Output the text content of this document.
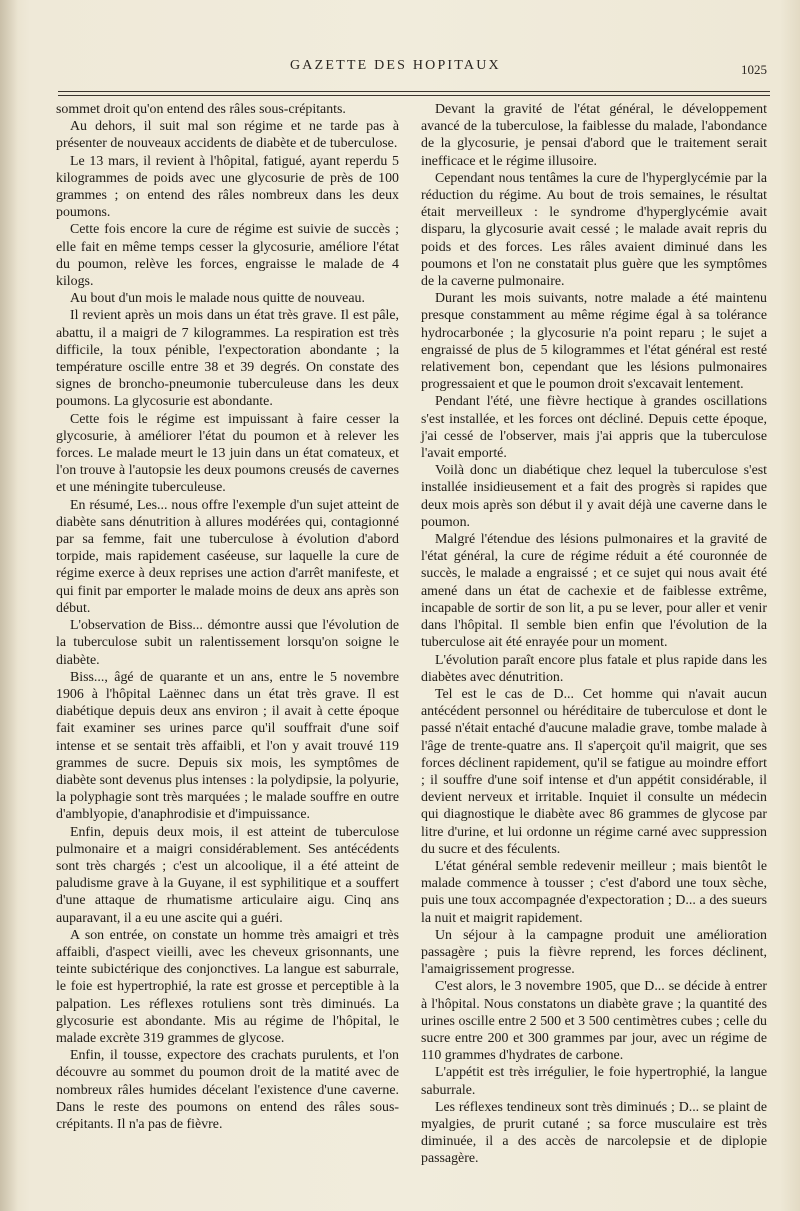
GAZETTE DES HOPITAUX	1025

sommet droit qu'on entend des râles sous-crépitants.

Au dehors, il suit mal son régime et ne tarde pas à présenter de nouveaux accidents de diabète et de tuberculose.

Le 13 mars, il revient à l'hôpital, fatigué, ayant reperdu 5 kilogrammes de poids avec une glycosurie de près de 100 grammes ; on entend des râles nombreux dans les deux poumons.

Cette fois encore la cure de régime est suivie de succès ; elle fait en même temps cesser la glycosurie, améliore l'état du poumon, relève les forces, engraisse le malade de 4 kilogs.

Au bout d'un mois le malade nous quitte de nouveau.

Il revient après un mois dans un état très grave. Il est pâle, abattu, il a maigri de 7 kilogrammes. La respiration est très difficile, la toux pénible, l'expectoration abondante ; la température oscille entre 38 et 39 degrés. On constate des signes de broncho-pneumonie tuberculeuse dans les deux poumons. La glycosurie est abondante.

Cette fois le régime est impuissant à faire cesser la glycosurie, à améliorer l'état du poumon et à relever les forces. Le malade meurt le 13 juin dans un état comateux, et l'on trouve à l'autopsie les deux poumons creusés de cavernes et une méningite tuberculeuse.

En résumé, Les... nous offre l'exemple d'un sujet atteint de diabète sans dénutrition à allures modérées qui, contagionné par sa femme, fait une tuberculose à évolution d'abord torpide, mais rapidement caséeuse, sur laquelle la cure de régime exerce à deux reprises une action d'arrêt manifeste, et qui finit par emporter le malade moins de deux ans après son début.

L'observation de Biss... démontre aussi que l'évolution de la tuberculose subit un ralentissement lorsqu'on soigne le diabète.

Biss..., âgé de quarante et un ans, entre le 5 novembre 1906 à l'hôpital Laënnec dans un état très grave. Il est diabétique depuis deux ans environ ; il avait à cette époque fait examiner ses urines parce qu'il souffrait d'une soif intense et se sentait très affaibli, et l'on y avait trouvé 119 grammes de sucre. Depuis six mois, les symptômes de diabète sont devenus plus intenses : la polydipsie, la polyurie, la polyphagie sont très marquées ; le malade souffre en outre d'amblyopie, d'anaphrodisie et d'impuissance.

Enfin, depuis deux mois, il est atteint de tuberculose pulmonaire et a maigri considérablement. Ses antécédents sont très chargés ; c'est un alcoolique, il a été atteint de paludisme grave à la Guyane, il est syphilitique et a souffert d'une attaque de rhumatisme articulaire aigu. Cinq ans auparavant, il a eu une ascite qui a guéri.

A son entrée, on constate un homme très amaigri et très affaibli, d'aspect vieilli, avec les cheveux grisonnants, une teinte subictérique des conjonctives. La langue est saburrale, le foie est hypertrophié, la rate est grosse et perceptible à la palpation. Les réflexes rotuliens sont très diminués. La glycosurie est abondante. Mis au régime de l'hôpital, le malade excrète 319 grammes de glycose.

Enfin, il tousse, expectore des crachats purulents, et l'on découvre au sommet du poumon droit de la matité avec de nombreux râles humides décelant l'existence d'une caverne. Dans le reste des poumons on entend des râles sous-crépitants. Il n'a pas de fièvre.

Devant la gravité de l'état général, le développement avancé de la tuberculose, la faiblesse du malade, l'abondance de la glycosurie, je pensai d'abord que le traitement serait inefficace et le régime illusoire.

Cependant nous tentâmes la cure de l'hyperglycémie par la réduction du régime. Au bout de trois semaines, le résultat était merveilleux : le syndrome d'hyperglycémie avait disparu, la glycosurie avait cessé ; le malade avait repris du poids et des forces. Les râles avaient diminué dans les poumons et l'on ne constatait plus guère que les symptômes de la caverne pulmonaire.

Durant les mois suivants, notre malade a été maintenu presque constamment au même régime égal à sa tolérance hydrocarbonée ; la glycosurie n'a point reparu ; le sujet a engraissé de plus de 5 kilogrammes et l'état général est resté relativement bon, cependant que les lésions pulmonaires progressaient et que le poumon droit s'excavait lentement.

Pendant l'été, une fièvre hectique à grandes oscillations s'est installée, et les forces ont décliné. Depuis cette époque, j'ai cessé de l'observer, mais j'ai appris que la tuberculose l'avait emporté.

Voilà donc un diabétique chez lequel la tuberculose s'est installée insidieusement et a fait des progrès si rapides que deux mois après son début il y avait déjà une caverne dans le poumon.

Malgré l'étendue des lésions pulmonaires et la gravité de l'état général, la cure de régime réduit a été couronnée de succès, le malade a engraissé ; et ce sujet qui nous avait été amené dans un état de cachexie et de faiblesse extrême, incapable de sortir de son lit, a pu se lever, pour aller et venir dans l'hôpital. Il semble bien enfin que l'évolution de la tuberculose ait été enrayée pour un moment.

L'évolution paraît encore plus fatale et plus rapide dans les diabètes avec dénutrition.

Tel est le cas de D... Cet homme qui n'avait aucun antécédent personnel ou héréditaire de tuberculose et dont le passé n'était entaché d'aucune maladie grave, tombe malade à l'âge de trente-quatre ans. Il s'aperçoit qu'il maigrit, que ses forces déclinent rapidement, qu'il se fatigue au moindre effort ; il souffre d'une soif intense et d'un appétit considérable, il devient nerveux et irritable. Inquiet il consulte un médecin qui diagnostique le diabète avec 86 grammes de glycose par litre d'urine, et lui ordonne un régime carné avec suppression du sucre et des féculents.

L'état général semble redevenir meilleur ; mais bientôt le malade commence à tousser ; c'est d'abord une toux sèche, puis une toux accompagnée d'expectoration ; D... a des sueurs la nuit et maigrit rapidement.

Un séjour à la campagne produit une amélioration passagère ; puis la fièvre reprend, les forces déclinent, l'amaigrissement progresse.

C'est alors, le 3 novembre 1905, que D... se décide à entrer à l'hôpital. Nous constatons un diabète grave ; la quantité des urines oscille entre 2 500 et 3 500 centimètres cubes ; celle du sucre entre 200 et 300 grammes par jour, avec un régime de 110 grammes d'hydrates de carbone.

L'appétit est très irrégulier, le foie hypertrophié, la langue saburrale.

Les réflexes tendineux sont très diminués ; D... se plaint de myalgies, de prurit cutané ; sa force musculaire est très diminuée, il a des accès de narcolepsie et de diplopie passagère.
